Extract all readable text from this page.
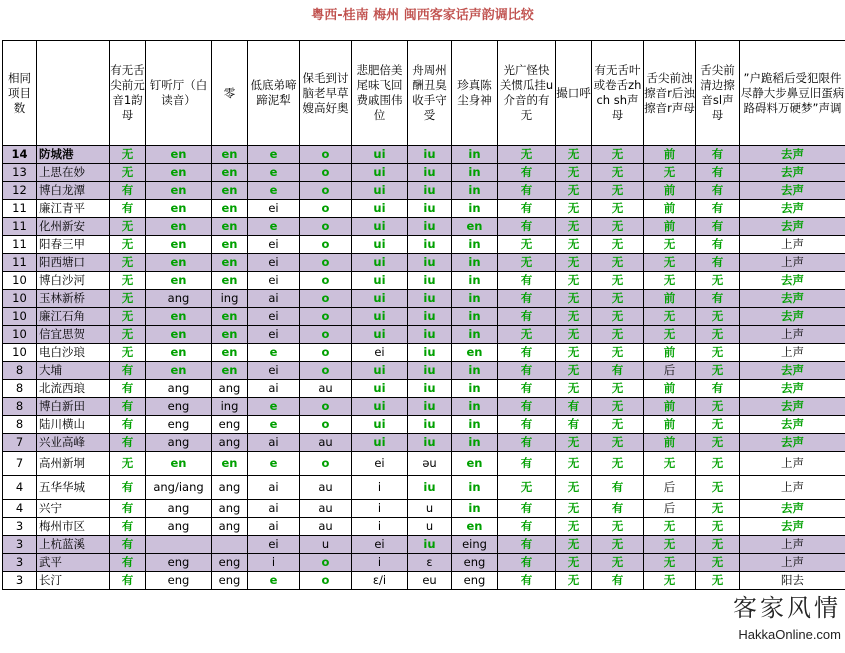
粤西-桂南 梅州 闽西客家话声韵调比较
相同项目数		有无舌尖前元音1韵母	钉听厅（白读音）	零	低底弟啼蹄泥犁	保毛到讨脑老早草嫂高好奥	悲肥倍美尾味飞回费戚围伟位	舟周州酬丑臭收手守受	珍真陈尘身神	光广怪快关惯瓜挂u介音的有无	撮口呼	有无舌叶或卷舌zh ch sh声母	舌尖前浊擦音r后浊擦音r声母	舌尖前清边擦音sl声母	”户跪稻后受犯限件尽静大步鼻豆旧蛋病路碍料万硬梦”声调
14	防城港	无	en	en	e	o	ui	iu	in	无	无	无	前	有	去声
13	上思在妙	无	en	en	e	o	ui	iu	in	有	无	无	无	有	去声
12	博白龙潭	有	en	en	e	o	ui	iu	in	有	无	无	前	有	去声
11	廉江青平	有	en	en	ei	o	ui	iu	in	有	无	无	前	有	去声
11	化州新安	无	en	en	e	o	ui	iu	en	有	无	无	前	有	去声
11	阳春三甲	无	en	en	ei	o	ui	iu	in	无	无	无	无	有	上声
11	阳西塘口	无	en	en	ei	o	ui	iu	in	无	无	无	无	有	上声
10	博白沙河	无	en	en	ei	o	ui	iu	in	有	无	无	无	无	去声
10	玉林新桥	无	ang	ing	ai	o	ui	iu	in	有	无	无	前	有	去声
10	廉江石角	无	en	en	ei	o	ui	iu	in	有	无	无	无	无	去声
10	信宜思贺	无	en	en	ei	o	ui	iu	in	无	无	无	无	无	上声
10	电白沙琅	无	en	en	e	o	ei	iu	en	有	无	无	前	无	上声
8	大埔	有	en	en	ei	o	ui	iu	in	有	无	有	后	无	去声
8	北流西琅	有	ang	ang	ai	au	ui	iu	in	有	无	无	前	有	去声
8	博白新田	有	eng	ing	e	o	ui	iu	in	有	有	无	前	无	去声
8	陆川横山	有	eng	eng	e	o	ui	iu	in	有	有	无	前	无	去声
7	兴业高峰	有	ang	ang	ai	au	ui	iu	in	有	无	无	前	无	去声
7	高州新垌	无	en	en	e	o	ei	əu	en	有	无	无	无	无	上声
4	五华华城	有	ang/iang	ang	ai	au	i	iu	in	无	无	有	后	无	上声
4	兴宁	有	ang	ang	ai	au	i	u	in	有	无	有	后	无	去声
3	梅州市区	有	ang	ang	ai	au	i	u	en	有	无	无	无	无	去声
3	上杭蓝溪	有			ei	u	ei	iu	eing	有	无	无	无	无	上声
3	武平	有	eng	eng	i	o	i	ε	eng	有	无	无	无	无	上声
3	长汀	有	eng	eng	e	o	ε/i	eu	eng	有	无	有	无	无	阳去
客家风情
HakkaOnline.com
